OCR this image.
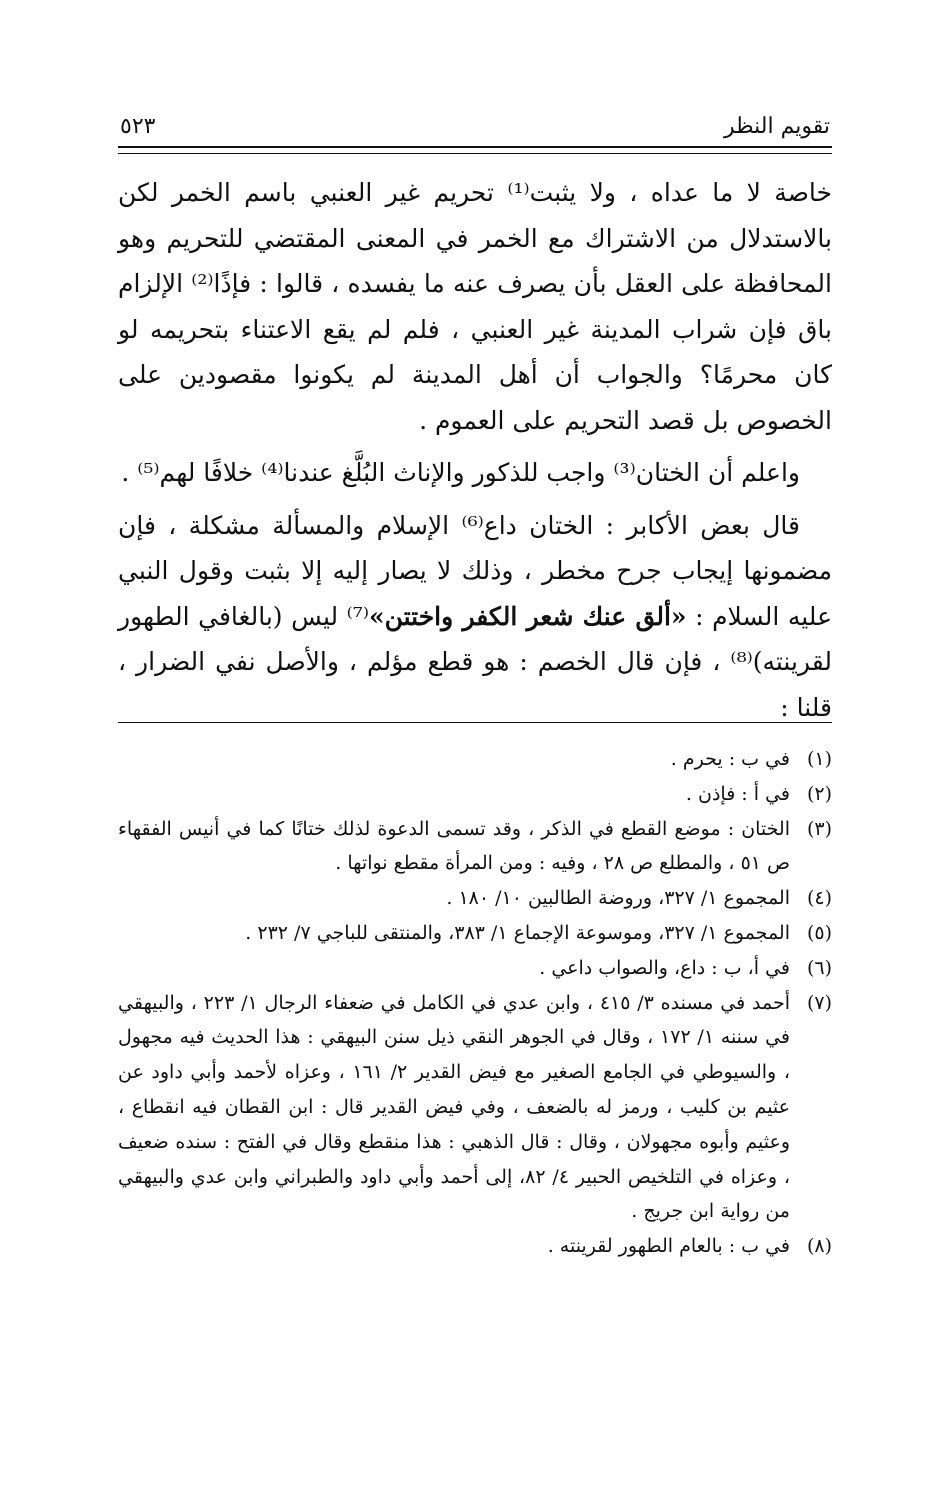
تقويم النظر
٥٢٣

خاصة لا ما عداه ، ولا يثبت⁽¹⁾ تحريم غير العنبي باسم الخمر لكن بالاستدلال من الاشتراك مع الخمر في المعنى المقتضي للتحريم وهو المحافظة على العقل بأن يصرف عنه ما يفسده ، قالوا : فإذًا⁽²⁾ الإلزام باق فإن شراب المدينة غير العنبي ، فلم لم يقع الاعتناء بتحريمه لو كان محرمًا؟ والجواب أن أهل المدينة لم يكونوا مقصودين على الخصوص بل قصد التحريم على العموم .

واعلم أن الختان⁽³⁾ واجب للذكور والإناث البُلَّغ عندنا⁽⁴⁾ خلافًا لهم⁽⁵⁾ .

قال بعض الأكابر : الختان داع⁽⁶⁾ الإسلام والمسألة مشكلة ، فإن مضمونها إيجاب جرح مخطر ، وذلك لا يصار إليه إلا بثبت وقول النبي عليه السلام : «ألق عنك شعر الكفر واختتن»⁽⁷⁾ ليس (بالغافي الطهور لقرينته)⁽⁸⁾ ، فإن قال الخصم : هو قطع مؤلم ، والأصل نفي الضرار ، قلنا :

(١)
في ب : يحرم .
(٢)
في أ : فإذن .
(٣)
الختان : موضع القطع في الذكر ، وقد تسمى الدعوة لذلك ختانًا كما في أنيس الفقهاء ص ٥١ ، والمطلع ص ٢٨ ، وفيه : ومن المرأة مقطع نواتها .
(٤)
المجموع ١/ ٣٢٧، وروضة الطالبين ١٠/ ١٨٠ .
(٥)
المجموع ١/ ٣٢٧، وموسوعة الإجماع ١/ ٣٨٣، والمنتقى للباجي ٧/ ٢٣٢ .
(٦)
في أ، ب : داع، والصواب داعي .
(٧)
أحمد في مسنده ٣/ ٤١٥ ، وابن عدي في الكامل في ضعفاء الرجال ١/ ٢٢٣ ، والبيهقي في سننه ١/ ١٧٢ ، وقال في الجوهر النقي ذيل سنن البيهقي : هذا الحديث فيه مجهول ، والسيوطي في الجامع الصغير مع فيض القدير ٢/ ١٦١ ، وعزاه لأحمد وأبي داود عن عثيم بن كليب ، ورمز له بالضعف ، وفي فيض القدير قال : ابن القطان فيه انقطاع ، وعثيم وأبوه مجهولان ، وقال : قال الذهبي : هذا منقطع وقال في الفتح : سنده ضعيف ، وعزاه في التلخيص الحبير ٤/ ٨٢، إلى أحمد وأبي داود والطبراني وابن عدي والبيهقي من رواية ابن جريج .
(٨)
في ب : بالعام الطهور لقرينته .
